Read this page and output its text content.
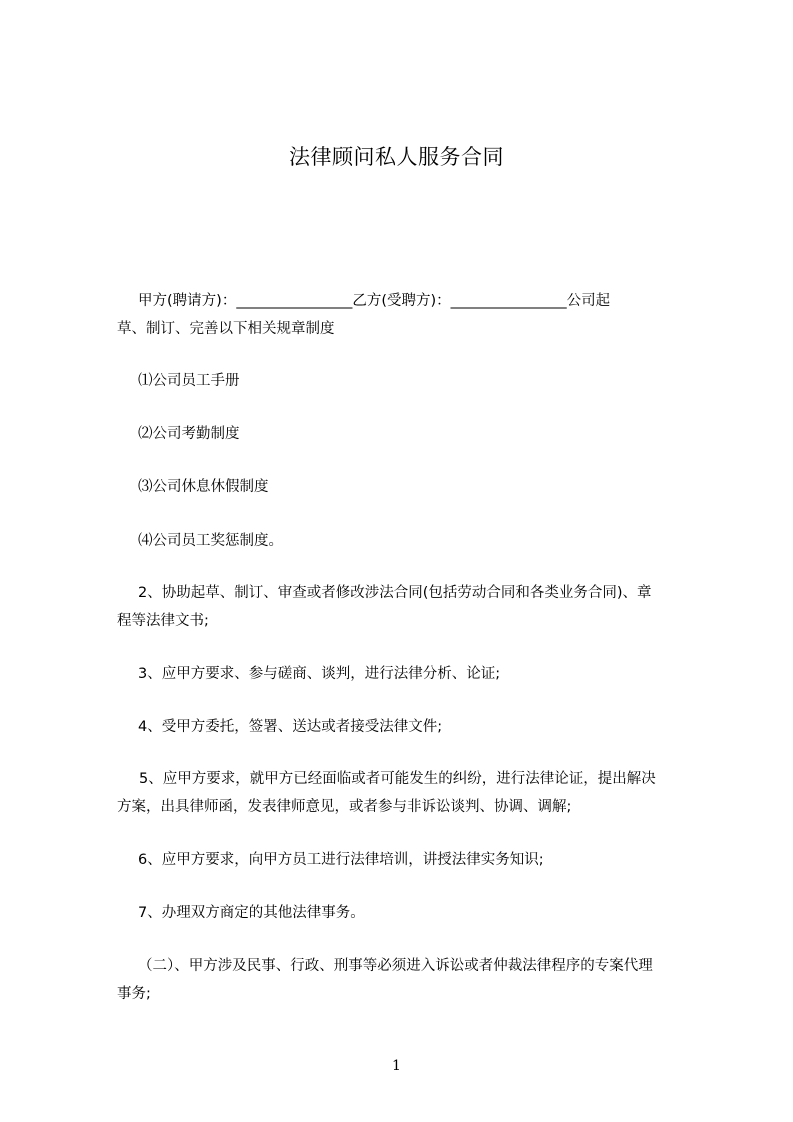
法律顾问私人服务合同
甲方(聘请方)：________________乙方(受聘方)：________________公司起
草、制订、完善以下相关规章制度
⑴公司员工手册
⑵公司考勤制度
⑶公司休息休假制度
⑷公司员工奖惩制度。
2、协助起草、制订、审查或者修改涉法合同(包括劳动合同和各类业务合同)、章
程等法律文书;
3、应甲方要求、参与磋商、谈判，进行法律分析、论证;
4、受甲方委托，签署、送达或者接受法律文件;
5、应甲方要求，就甲方已经面临或者可能发生的纠纷，进行法律论证，提出解决
方案，出具律师函，发表律师意见，或者参与非诉讼谈判、协调、调解;
6、应甲方要求，向甲方员工进行法律培训，讲授法律实务知识;
7、办理双方商定的其他法律事务。
（二）、甲方涉及民事、行政、刑事等必须进入诉讼或者仲裁法律程序的专案代理
事务;
1
